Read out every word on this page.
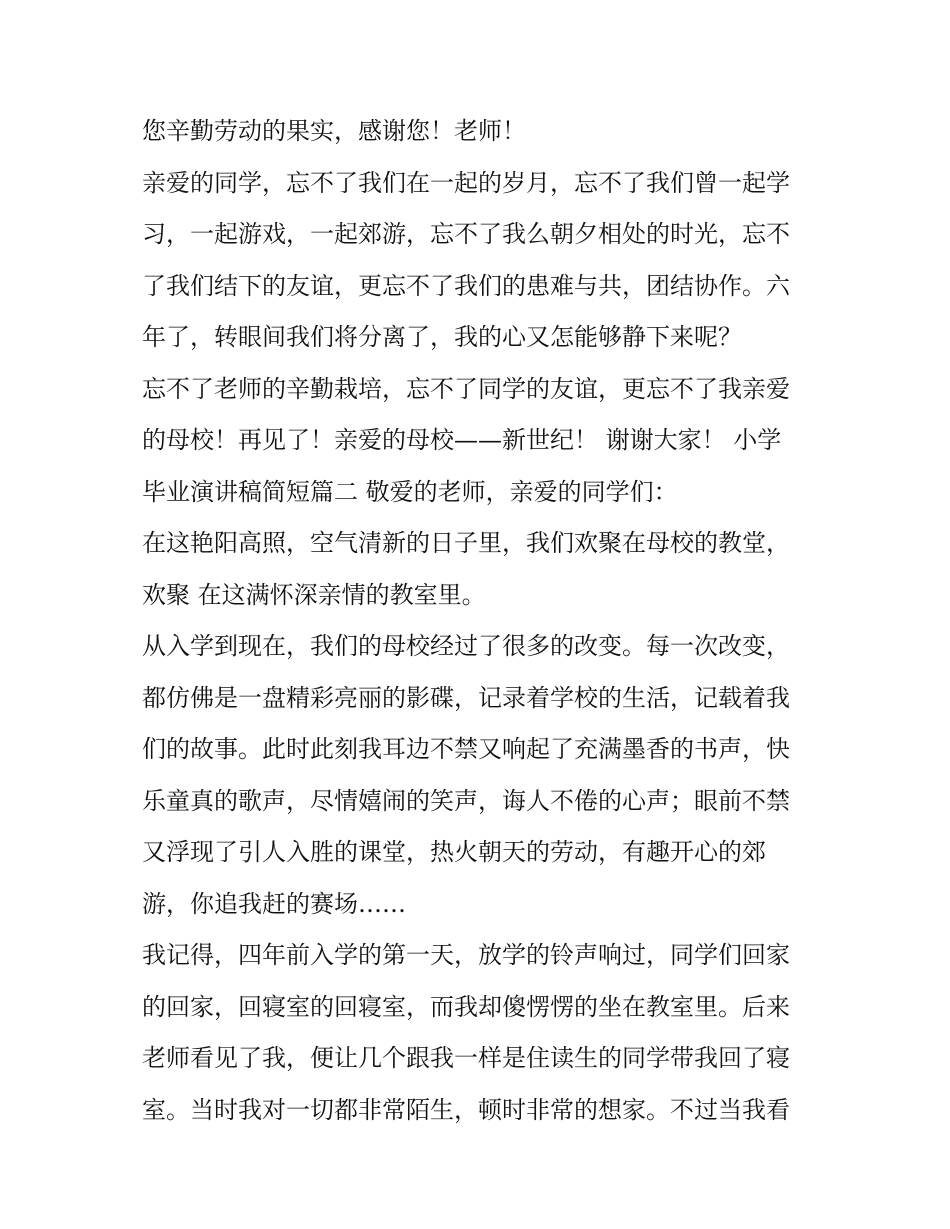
您辛勤劳动的果实，感谢您！老师！
亲爱的同学，忘不了我们在一起的岁月，忘不了我们曾一起学
习，一起游戏，一起郊游，忘不了我么朝夕相处的时光，忘不
了我们结下的友谊，更忘不了我们的患难与共，团结协作。六
年了，转眼间我们将分离了，我的心又怎能够静下来呢？
忘不了老师的辛勤栽培，忘不了同学的友谊，更忘不了我亲爱
的母校！再见了！亲爱的母校——新世纪！ 谢谢大家！ 小学
毕业演讲稿简短篇二 敬爱的老师，亲爱的同学们：
在这艳阳高照，空气清新的日子里，我们欢聚在母校的教堂，
欢聚 在这满怀深亲情的教室里。
从入学到现在，我们的母校经过了很多的改变。每一次改变，
都仿佛是一盘精彩亮丽的影碟，记录着学校的生活，记载着我
们的故事。此时此刻我耳边不禁又响起了充满墨香的书声，快
乐童真的歌声，尽情嬉闹的笑声，诲人不倦的心声；眼前不禁
又浮现了引人入胜的课堂，热火朝天的劳动，有趣开心的郊
游，你追我赶的赛场……
我记得，四年前入学的第一天，放学的铃声响过，同学们回家
的回家，回寝室的回寝室，而我却傻愣愣的坐在教室里。后来
老师看见了我，便让几个跟我一样是住读生的同学带我回了寝
室。当时我对一切都非常陌生，顿时非常的想家。不过当我看
